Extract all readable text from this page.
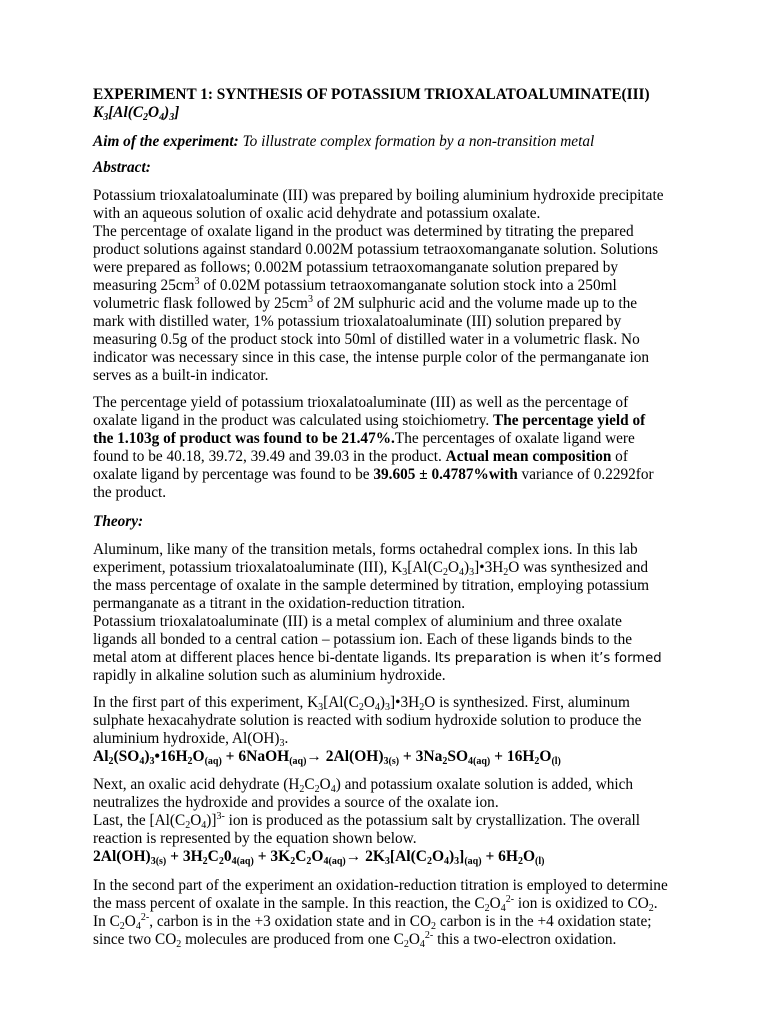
EXPERIMENT 1: SYNTHESIS OF POTASSIUM TRIOXALATOALUMINATE(III)
$K_3[Al(C_2O_4)_3]$
Aim of the experiment: To illustrate complex formation by a non-transition metal
Abstract:
Potassium trioxalatoaluminate (III) was prepared by boiling aluminium hydroxide precipitate
with an aqueous solution of oxalic acid dehydrate and potassium oxalate.
The percentage of oxalate ligand in the product was determined by titrating the prepared
product solutions against standard 0.002M potassium tetraoxomanganate solution. Solutions
were prepared as follows; 0.002M potassium tetraoxomanganate solution prepared by
measuring $25cm^3$ of 0.02M potassium tetraoxomanganate solution stock into a 250ml
volumetric flask followed by $25cm^3$ of 2M sulphuric acid and the volume made up to the
mark with distilled water, 1% potassium trioxalatoaluminate (III) solution prepared by
measuring 0.5g of the product stock into 50ml of distilled water in a volumetric flask. No
indicator was necessary since in this case, the intense purple color of the permanganate ion
serves as a built-in indicator.
The percentage yield of potassium trioxalatoaluminate (III) as well as the percentage of
oxalate ligand in the product was calculated using stoichiometry. The percentage yield of
the 1.103g of product was found to be 21.47%.The percentages of oxalate ligand were
found to be 40.18, 39.72, 39.49 and 39.03 in the product. Actual mean composition of
oxalate ligand by percentage was found to be 39.605 ± 0.4787%with variance of 0.2292for
the product.
Theory:
Aluminum, like many of the transition metals, forms octahedral complex ions. In this lab
experiment, potassium trioxalatoaluminate (III), $K_3[Al(C_2O_4)_3]•3H_2O$ was synthesized and
the mass percentage of oxalate in the sample determined by titration, employing potassium
permanganate as a titrant in the oxidation-reduction titration.
Potassium trioxalatoaluminate (III) is a metal complex of aluminium and three oxalate
ligands all bonded to a central cation – potassium ion. Each of these ligands binds to the
metal atom at different places hence bi-dentate ligands. Its preparation is when it’s formed
rapidly in alkaline solution such as aluminium hydroxide.
In the first part of this experiment, $K_3[Al(C_2O_4)_3]•3H_2O$ is synthesized. First, aluminum
sulphate hexacahydrate solution is reacted with sodium hydroxide solution to produce the
aluminium hydroxide, $Al(OH)_3$.
$Al_2(SO_4)_3•16H_2O_{(aq)}$ + 6NaOH$_{(aq)}$→ $2Al(OH)_{3(s)} + 3Na_2SO_{4(aq)} + 16H_2O_{(l)}$
Next, an oxalic acid dehydrate $(H_2C_2O_4)$ and potassium oxalate solution is added, which
neutralizes the hydroxide and provides a source of the oxalate ion.
Last, the $[Al(C_2O_4)]^{3-}$ ion is produced as the potassium salt by crystallization. The overall
reaction is represented by the equation shown below.
$2Al(OH)_{3(s)} + 3H_2C_20_{4(aq)} + 3K_2C_2O_{4(aq)}\to 2K_3[Al(C_2O_4)_3]_{(aq)} + 6H_2O_{(l)}$
In the second part of the experiment an oxidation-reduction titration is employed to determine
the mass percent of oxalate in the sample. In this reaction, the $C_2O_4^{2-}$ ion is oxidized to $CO_2$.
In $C_2O_4^{2-}$, carbon is in the +3 oxidation state and in $CO_2$ carbon is in the +4 oxidation state;
since two $CO_2$ molecules are produced from one $C_2O_4^{2-}$ this a two-electron oxidation.
